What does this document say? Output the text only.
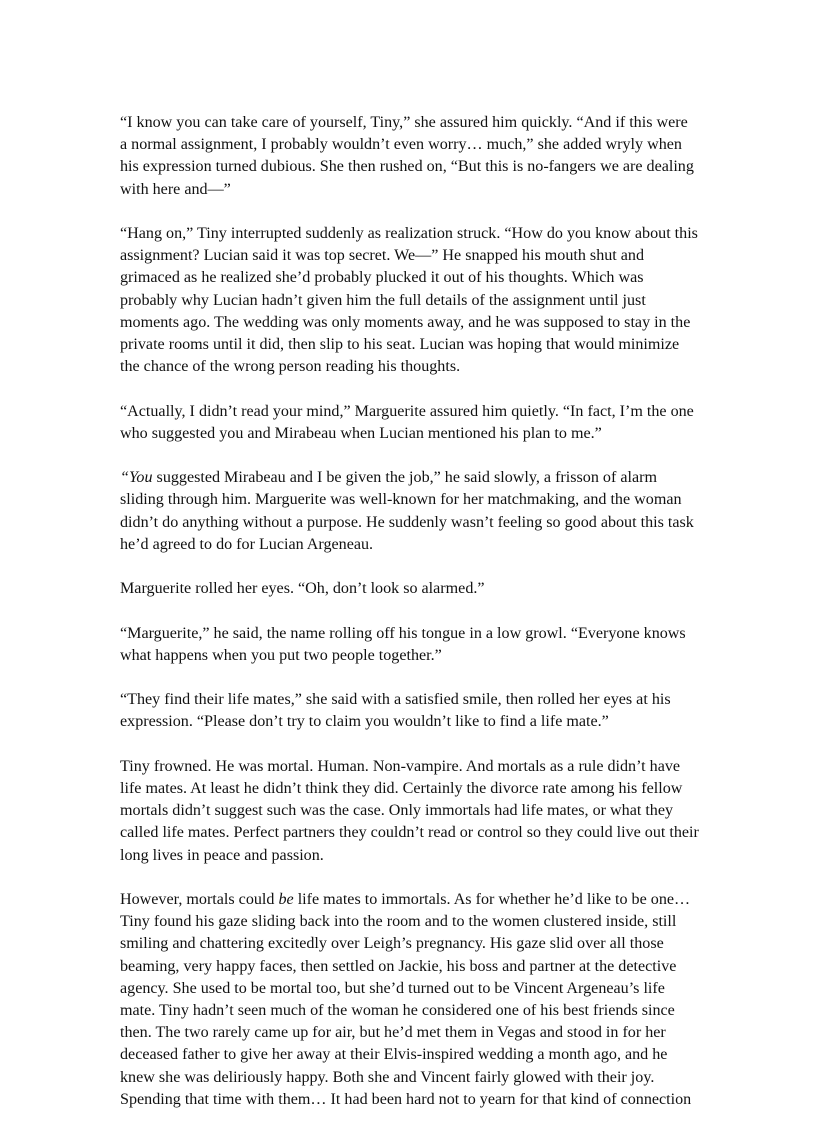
“I know you can take care of yourself, Tiny,” she assured him quickly. “And if this were
a normal assignment, I probably wouldn’t even worry… much,” she added wryly when
his expression turned dubious. She then rushed on, “But this is no-fangers we are dealing
with here and—”
“Hang on,” Tiny interrupted suddenly as realization struck. “How do you know about this
assignment? Lucian said it was top secret. We—” He snapped his mouth shut and
grimaced as he realized she’d probably plucked it out of his thoughts. Which was
probably why Lucian hadn’t given him the full details of the assignment until just
moments ago. The wedding was only moments away, and he was supposed to stay in the
private rooms until it did, then slip to his seat. Lucian was hoping that would minimize
the chance of the wrong person reading his thoughts.
“Actually, I didn’t read your mind,” Marguerite assured him quietly. “In fact, I’m the one
who suggested you and Mirabeau when Lucian mentioned his plan to me.”
“You suggested Mirabeau and I be given the job,” he said slowly, a frisson of alarm
sliding through him. Marguerite was well-known for her matchmaking, and the woman
didn’t do anything without a purpose. He suddenly wasn’t feeling so good about this task
he’d agreed to do for Lucian Argeneau.
Marguerite rolled her eyes. “Oh, don’t look so alarmed.”
“Marguerite,” he said, the name rolling off his tongue in a low growl. “Everyone knows
what happens when you put two people together.”
“They find their life mates,” she said with a satisfied smile, then rolled her eyes at his
expression. “Please don’t try to claim you wouldn’t like to find a life mate.”
Tiny frowned. He was mortal. Human. Non-vampire. And mortals as a rule didn’t have
life mates. At least he didn’t think they did. Certainly the divorce rate among his fellow
mortals didn’t suggest such was the case. Only immortals had life mates, or what they
called life mates. Perfect partners they couldn’t read or control so they could live out their
long lives in peace and passion.
However, mortals could be life mates to immortals. As for whether he’d like to be one…
Tiny found his gaze sliding back into the room and to the women clustered inside, still
smiling and chattering excitedly over Leigh’s pregnancy. His gaze slid over all those
beaming, very happy faces, then settled on Jackie, his boss and partner at the detective
agency. She used to be mortal too, but she’d turned out to be Vincent Argeneau’s life
mate. Tiny hadn’t seen much of the woman he considered one of his best friends since
then. The two rarely came up for air, but he’d met them in Vegas and stood in for her
deceased father to give her away at their Elvis-inspired wedding a month ago, and he
knew she was deliriously happy. Both she and Vincent fairly glowed with their joy.
Spending that time with them… It had been hard not to yearn for that kind of connection
